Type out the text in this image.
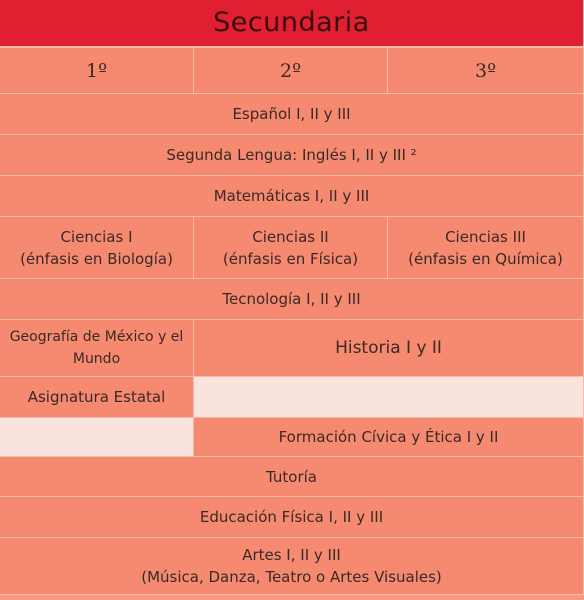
Secundaria
1º	2º	3º
Español I, II y III
Segunda Lengua: Inglés I, II y III ²
Matemáticas I, II y III
Ciencias I
(énfasis en Biología)
Ciencias II
(énfasis en Física)
Ciencias III
(énfasis en Química)
Tecnología I, II y III
Geografía de México y el Mundo
Historia I y II
Asignatura Estatal
Formación Cívica y Ética I y II
Tutoría
Educación Física I, II y III
Artes I, II y III
(Música, Danza, Teatro o Artes Visuales)
